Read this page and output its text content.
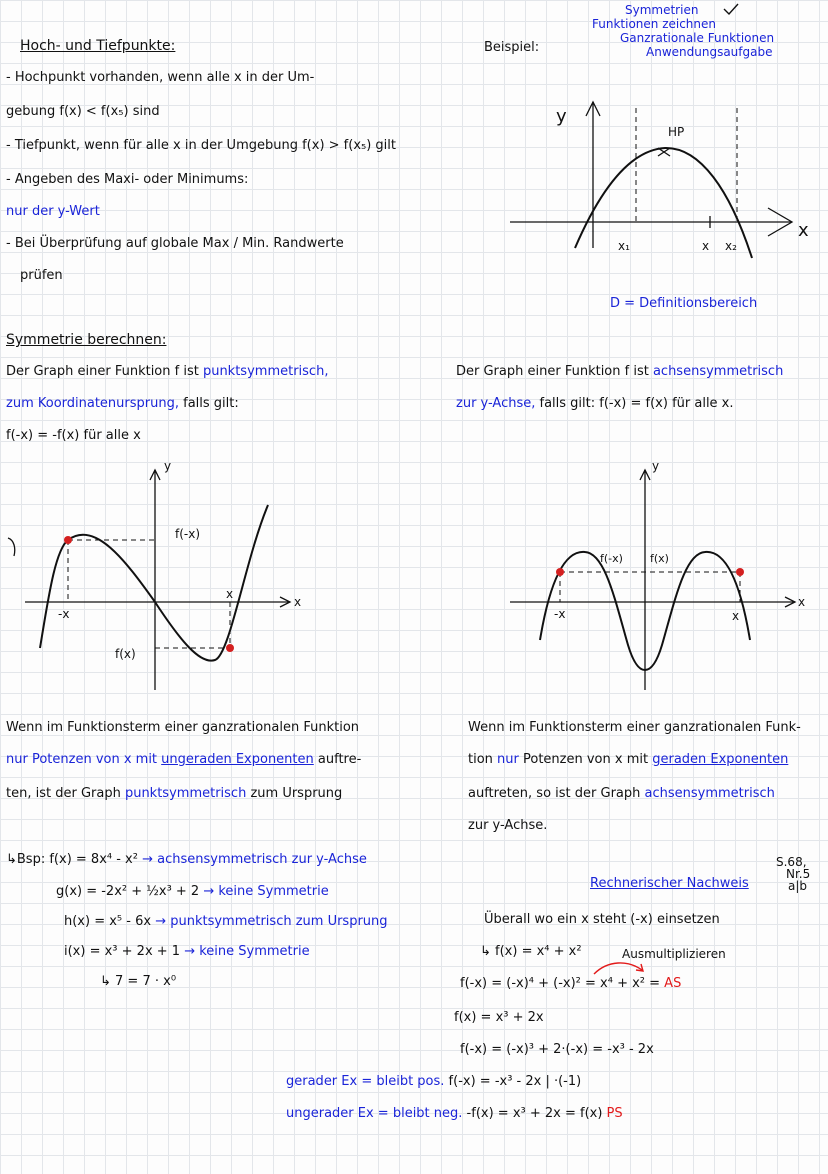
Hoch- und Tiefpunkte:
- Hochpunkt vorhanden, wenn alle x in der Um-
gebung f(x) < f(x₅) sind
- Tiefpunkt, wenn für alle x in der Umgebung f(x) > f(x₅) gilt
- Angeben des Maxi- oder Minimums:
nur der y-Wert
- Bei Überprüfung auf globale Max / Min. Randwerte
prüfen
Symmetrie berechnen:
Der Graph einer Funktion f ist punktsymmetrisch,
zum Koordinatenursprung, falls gilt:
f(-x) = -f(x) für alle x
y
x
-x
x
f(-x)
f(x)
Wenn im Funktionsterm einer ganzrationalen Funktion
nur Potenzen von x mit ungeraden Exponenten auftre-
ten, ist der Graph punktsymmetrisch zum Ursprung
↳Bsp: f(x) = 8x⁴ - x² → achsensymmetrisch zur y-Achse
g(x) = -2x² + ½x³ + 2 → keine Symmetrie
h(x) = x⁵ - 6x → punktsymmetrisch zum Ursprung
i(x) = x³ + 2x + 1 → keine Symmetrie
↳ 7 = 7 · x⁰
Symmetrien
Funktionen zeichnen
Ganzrationale Funktionen
Anwendungsaufgabe
Beispiel:
y
x
HP
x₁	x x₂
D = Definitionsbereich
Der Graph einer Funktion f ist achsensymmetrisch
zur y-Achse, falls gilt: f(-x) = f(x) für alle x.
y
x
-x	x
f(-x) f(x)
Wenn im Funktionsterm einer ganzrationalen Funk-
tion nur Potenzen von x mit geraden Exponenten
auftreten, so ist der Graph achsensymmetrisch
zur y-Achse.
S.68,
Nr.5
a|b
Rechnerischer Nachweis
Überall wo ein x steht (-x) einsetzen
↳ f(x) = x⁴ + x²	Ausmultiplizieren
f(-x) = (-x)⁴ + (-x)² = x⁴ + x² = AS
f(x) = x³ + 2x
f(-x) = (-x)³ + 2·(-x) = -x³ - 2x
gerader Ex = bleibt pos. f(-x) = -x³ - 2x | ·(-1)
ungerader Ex = bleibt neg. -f(x) = x³ + 2x = f(x) PS
